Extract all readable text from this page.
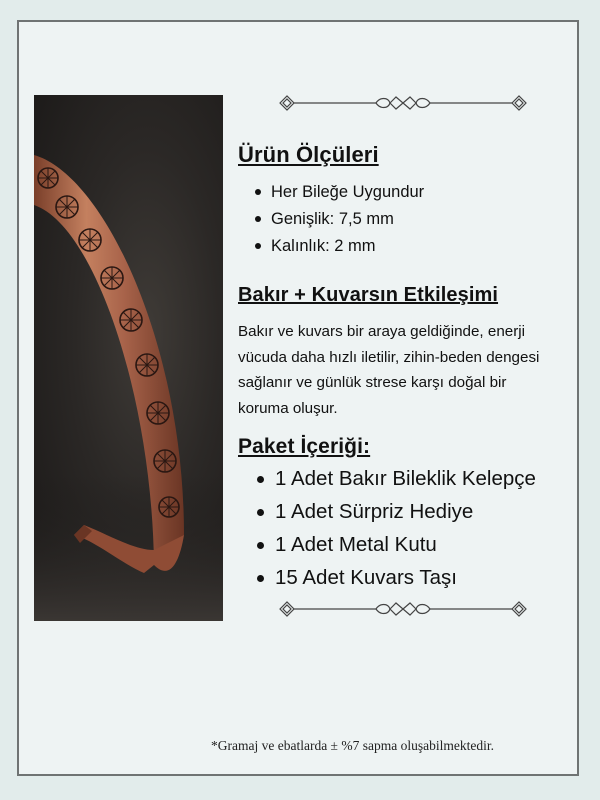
Ürün Ölçüleri
Her Bileğe Uygundur
Genişlik: 7,5 mm
Kalınlık: 2 mm
Bakır + Kuvarsın Etkileşimi

Bakır ve kuvars bir araya geldiğinde, enerji vücuda daha hızlı iletilir, zihin-beden dengesi sağlanır ve günlük strese karşı doğal bir koruma oluşur.

Paket İçeriği:
1 Adet Bakır Bileklik Kelepçe
1 Adet Sürpriz Hediye
1 Adet Metal Kutu
15 Adet Kuvars Taşı
*Gramaj ve ebatlarda ± %7 sapma oluşabilmektedir.
